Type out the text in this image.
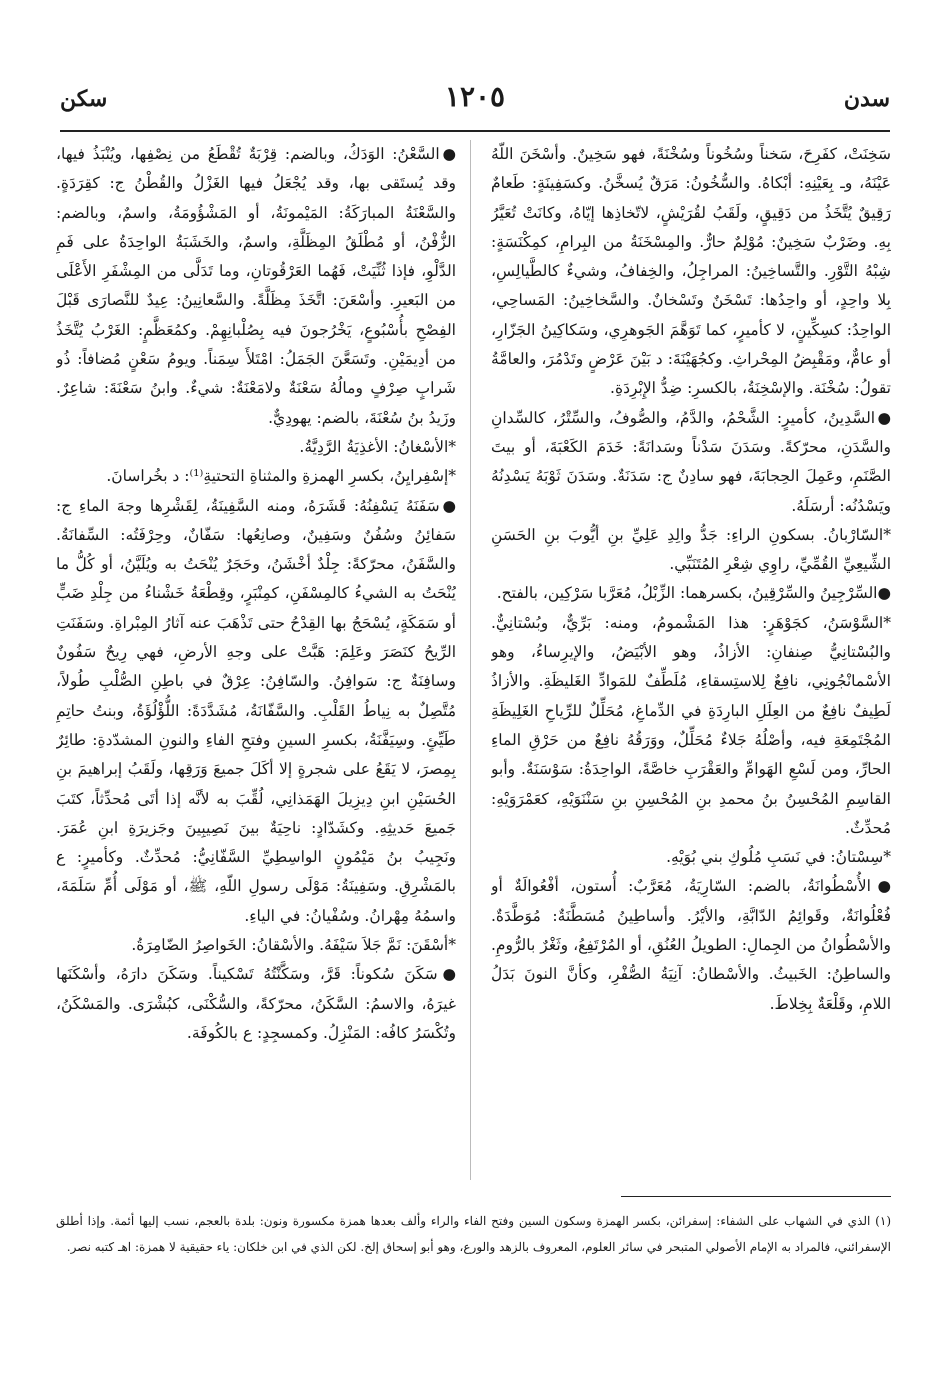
سدن
١٢٠٥
سكن

سَخِنَتْ، كفَرِحَ، سَخناً وسُخُوناً وسُخْنَةً، فهو سَخِينٌ. وأسْخَنَ اللّهُ عَيْنَهُ، وـ بِعَيْنِهِ: أبْكاهُ. والسُّخُونُ: مَرَقٌ يُسخَّنُ. وكسَفِينَةٍ: طَعامٌ رَقِيقٌ يُتَّخَذُ من دَقِيقٍ، ولَقَبُ لقُرَيْشٍ، لاتّخاذِها إيّاهُ، وكانَتْ تُعَيَّرُ بِهِ. وضَرْبٌ سَخِينٌ: مُوْلِمٌ حارٌّ. والمِسْخَنَةُ من البِرامِ، كمِكْنَسَةٍ: شِبْهُ التَّوْرِ. والتَّساخِينُ: المراجِلُ، والخِفافُ، وشيءٌ كالطَّيالِسِ، بِلا واحِدٍ، أو واحِدُها: تَسْخَنٌ وتَسْخانٌ. والسَّخاخِينُ: المَساحِي، الواحِدُ: كسِكِّينٍ، لا كأميرٍ، كما تَوَهَّمَ الجَوهرِي، وسَكاكِينُ الجَزّارِ، أو عامٌّ، ومَقْبِضُ المِحْراثِ. وكجُهَيْنَةَ: د بَيْنَ عَرْضٍ وتَدْمُرَ، والعامَّةُ تقولُ: سُخْنَة. والإسْخِنَةُ، بالكسرِ: ضِدُّ الإِبْرِدَةِ.

●السَّدِينُ، كأميرٍ: الشَّحْمُ، والدَّمُ، والصُّوفُ، والسِّتْرُ، كالسِّدانِ والسَّدَنِ، محرّكةً. وسَدَنَ سَدْناً وسَدانَةً: خَدَمَ الكَعْبَةَ، أو بيتَ الصَّنَمِ، وعَمِلَ الحِجابَةَ، فهو سادِنٌ ج: سَدَنَةٌ. وسَدَنَ ثَوْبَهُ يَسْدِنُهُ ويَسْدُنُه: أرسَلَهُ.

*السّارْبانُ. بسكونِ الراءِ: جَدُّ والِدِ عَلِيِّ بنِ أيُّوبَ بنِ الحَسَنِ الشِّيعِيِّ القُمِّيِّ، راوِي شِعْرِ المُتَنَبِّي.

●السِّرْجِينُ والسِّرْقِينُ، بكسرهما: الزِّبْلُ، مُعَرَّبا سَرْكِين، بالفتح.

*السَّوْسَنُ، كجَوْهَرٍ: هذا المَشْمومُ، ومنه: بَرِّيٌّ، وبُسْتانِيٌّ. والبُسْتانِيُّ صِنفانِ: الأزاذُ، وهو الأبْيَضُ، والإيرِساءُ، وهو الأسْمانْجُونِي، نافِعٌ لِلاستِسقاءِ، مُلَطِّفٌ للمَوادِّ الغَليظَةِ. والأزاذُ لَطِيفٌ نافِعٌ من العِلَلِ البارِدَةِ في الدِّماغِ، مُحَلِّلٌ للرِّياحِ الغَلِيظَةِ المُجْتَمِعَةِ فيه، وأصْلُهُ جَلاءٌ مُحَلِّلٌ، ووَرَقُهُ نافِعٌ من حَرْقِ الماءِ الحارِّ، ومن لَسْعِ الهَوامِّ والعَقْرَبِ خاصَّةً، الواحِدَةُ: سَوْسَنَةٌ. وأبو القاسِمِ المُحْسِنُ بنُ محمدِ بنِ المُحْسِنِ بنِ سَنْنَوَيْهِ، كعَمْرَوَيْهِ: مُحدِّثٌ.

*سِسْتانُ: في نَسَبِ مُلُوكِ بني بُوَيْهِ.

●الأُسْطُوانَةُ، بالضم: السّارِيَةُ، مُعَرَّبٌ: أُستون، أفْعُوالَةٌ أو فُعْلُوانَةٌ، وقَوائِمُ الدّابَّةِ، والأيْرُ. وأساطِينُ مُسَطَّنَةٌ: مُوَطَّدَةٌ. والأسْطُوانُ من الجِمالِ: الطويلُ العُنُقِ، أو المُرْتَفِعُ، وثَغْرٌ بالرُّومِ. والساطِنُ: الخَبيثُ. والأسْطانُ: آنِيَةُ الصُّفْرِ، وكأنَّ النونَ بَدَلُ اللامِ، وقَلْعَةٌ بِخِلاطَ.

●السَّعْنُ: الوَدَكُ، وبالضم: قِرْبَةٌ تُقْطَعُ من نِصْفِها، ويُنْبَذُ فيها، وقد يُستَقى بها، وقد يُجْعَلُ فيها الغَزْلُ والقُطْنُ ج: كقِرَدَةٍ. والسَّعْنَةُ المبارَكَةُ: المَيْمونَةُ، أو المَشْؤُومَةُ، واسمٌ، وبالضم: الزُّفْنُ، أو مُطْلَقُ المِظَلَّةِ، واسمٌ، والخَشَبَةُ الواحِدَةُ على فَمِ الدَّلْوِ، فإذا ثُنِّيَتْ، فَهُما العَرْقُوتانِ، وما تَدَلَّى من المِشْفَرِ الأَعْلَى من البَعيرِ. وأسْعَنَ: اتَّخَذَ مِظَلَّةً. والسَّعانِينُ: عِيدٌ للنَّصارَى قَبْلَ الفِصْحِ بأُسْبُوعٍ، يَخْرُجونَ فيه بِصُلْبانِهِمْ. وكمُعَظَّمٍ: الغَرْبُ يُتَّخَذُ من أدِيمَيْنِ. وتَسَعَّنَ الجَمَلُ: امْتَلأَ سِمَناً. ويومُ سَعْنٍ مُضافاً: ذُو شَرابٍ صِرْفٍ ومالُهُ سَعْنَةٌ ولامَعْنَةٌ: شيءٌ. وابنُ سَعْنَةَ: شاعِرٌ. وزَيدُ بنُ سُعْنَةَ، بالضم: يهودِيٌّ.

*الأسْغانُ: الأغذِيَةُ الرَّدِيَّةُ.

*إسْفِرايِنُ، بكسرِ الهمزةِ والمثناةِ التحتيةِ⁽¹⁾: د بخُراسانَ.

●سَفَنَهُ يَسْفِنُهُ: قَشَرَهُ، ومنه السَّفِينَةُ، لِقَشْرِها وجهَ الماءِ ج: سَفائِنُ وسُفُنٌ وسَفِينٌ، وصانِعُها: سَفّانٌ، وحِرْفَتُه: السِّفانَةُ. والسَّفَنُ، محرّكةً: جِلْدٌ أخْشَنُ، وحَجَرٌ يُنْحَتُ به ويُلَيَّنُ، أو كُلُّ ما يُنْحَتُ به الشيءُ كالمِسْفَنِ، كمِنْبَرٍ، وقِطْعَةُ خَشْناءُ من جِلْدِ ضَبٍّ أو سَمَكَةٍ، يُسْحَجُ بها القِدْحُ حتى تَذْهَبَ عنه آثارُ المِبْراةِ. وسَفَنَتِ الرِّيحُ كنَصَرَ وعَلِمَ: هَبَّتْ على وجهِ الأرضِ، فهي رِيحٌ سَفُونٌ وسافِنَةٌ ج: سَوافِنُ. والسّافِنُ: عِرْقٌ في باطِنِ الصُّلْبِ طُولاً، مُتَّصِلٌ به نِياطُ القَلْبِ. والسَّفّانَةُ، مُشَدَّدَةً: اللُّؤْلُؤَةُ، وبنتُ حاتِمِ طَيِّئٍ. وسِيَفَّنَةُ، بكسرِ السينِ وفتحِ الفاءِ والنونِ المشدّدةِ: طائِرٌ بِمِصرَ، لا يَقَعُ على شجرةٍ إلا أكَلَ جميعَ وَرَقِها، ولَقَبُ إبراهيمَ بنِ الحُسَيْنِ ابنِ دِيزِيلَ الهَمَذانِي، لُقِّبَ به لأنَّه إذا أتَى مُحدِّثاً، كتَبَ جَميعَ حَديثِهِ. وكشَدّادٍ: ناحِيَةٌ بينَ نَصِيبِينَ وجَزيرَةِ ابنِ عُمَرَ. ونَجِيبُ بنُ مَيْمُونٍ الواسِطِيِّ السَّفّانِيُّ: مُحدِّثٌ. وكأميرٍ: ع بالمَشْرِقِ. وسَفِينَةُ: مَوْلَى رسولِ اللّهِ، ﷺ، أو مَوْلَى أُمِّ سَلَمَةَ، واسمُهُ مِهْرانُ. وسُفْيانُ: في الياءِ.

*أسْقَنَ: نَمَّ جَلاَ سَيْفَهُ. والأسْقانُ: الخَواصِرُ الضّامِرَةُ.

●سَكَنَ سُكوناً: قَرَّ، وسَكَّنْتُهُ تَسْكيناً. وسَكَنَ دارَهُ، وأسْكَنَها غيرَهُ، والاسمُ: السَّكَنُ، محرّكةً، والسُّكْنَى، كبُشْرَى. والمَسْكَنُ، وتُكْسَرُ كافُه: المَنْزِلُ. وكمسجِدٍ: ع بالكُوفَة.

(١) الذي في الشهاب على الشفاء: إسفرائن، بكسر الهمزة وسكون السين وفتح الفاء والراء وألف بعدها همزة مكسورة ونون: بلدة بالعجم، نسب إليها أئمة. وإذا أطلق الإسفرائني، فالمراد به الإمام الأصولي المتبحر في سائر العلوم، المعروف بالزهد والورع، وهو أبو إسحاق إلخ. لكن الذي في ابن خلكان: ياء حقيقية لا همزة: اهـ كتبه نصر.
